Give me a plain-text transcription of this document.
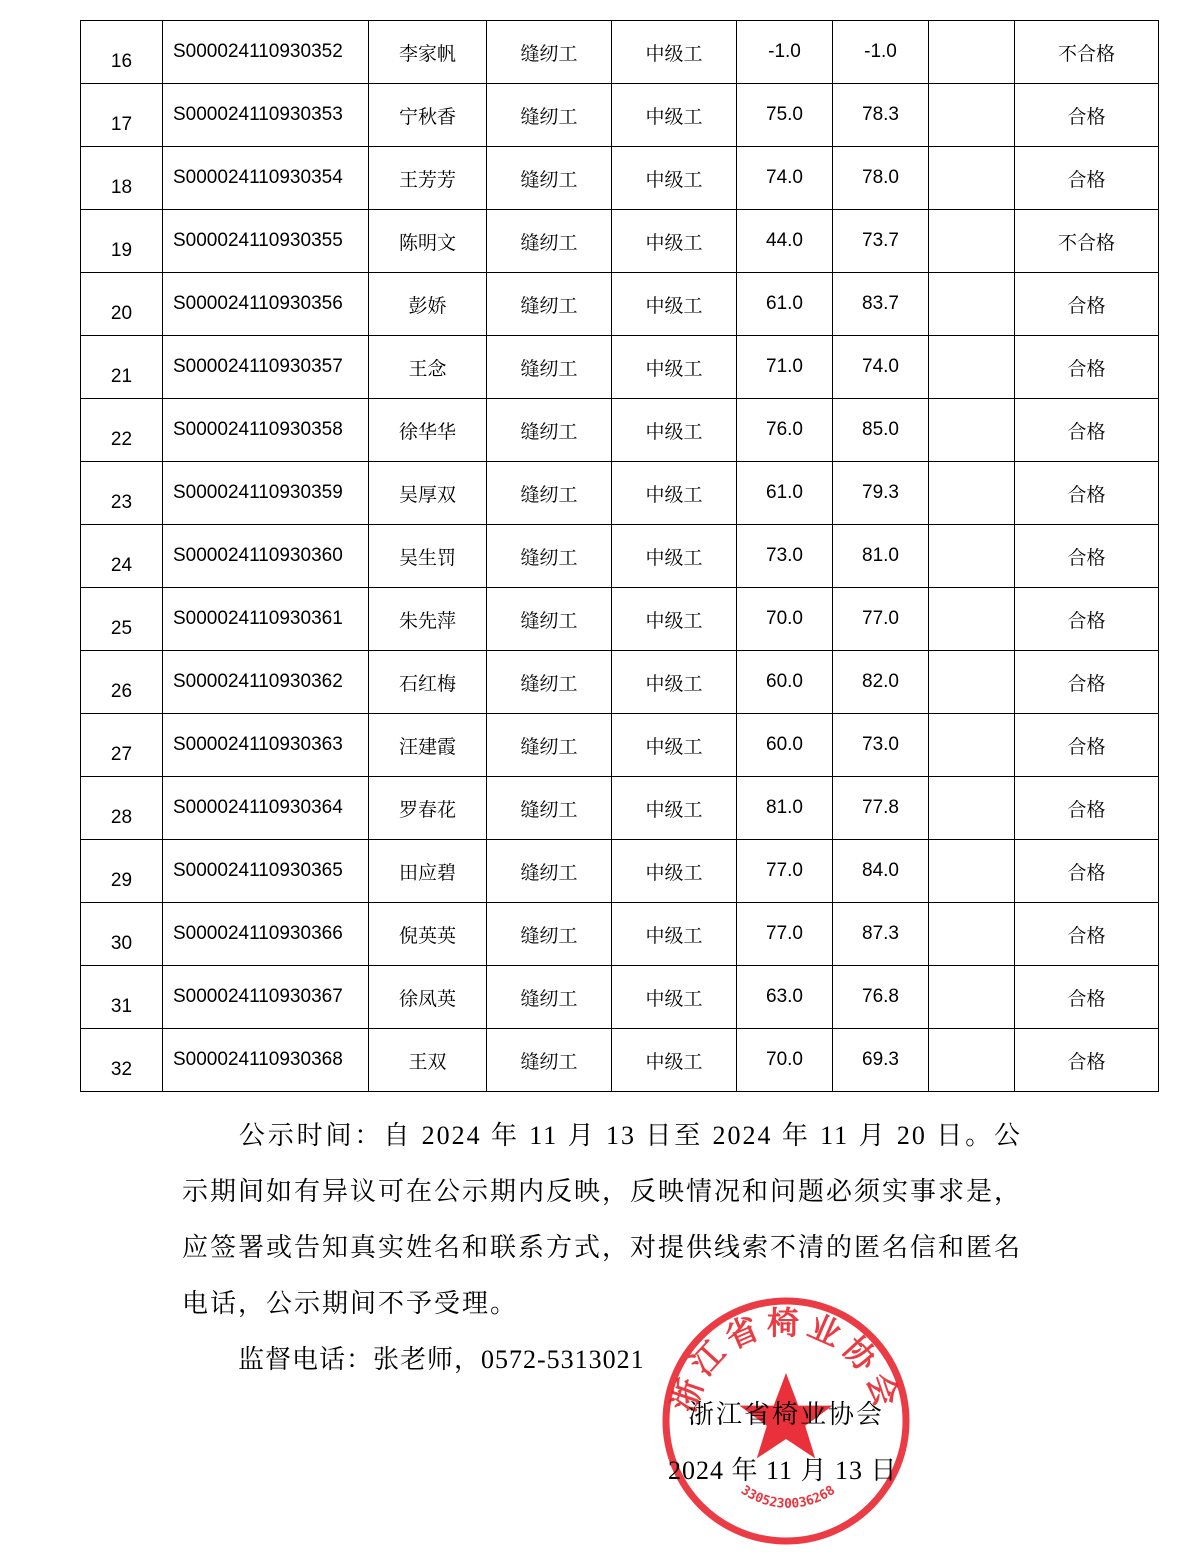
16	S000024110930352	李家帆	缝纫工	中级工	-1.0	-1.0		不合格
17	S000024110930353	宁秋香	缝纫工	中级工	75.0	78.3		合格
18	S000024110930354	王芳芳	缝纫工	中级工	74.0	78.0		合格
19	S000024110930355	陈明文	缝纫工	中级工	44.0	73.7		不合格
20	S000024110930356	彭娇	缝纫工	中级工	61.0	83.7		合格
21	S000024110930357	王念	缝纫工	中级工	71.0	74.0		合格
22	S000024110930358	徐华华	缝纫工	中级工	76.0	85.0		合格
23	S000024110930359	吴厚双	缝纫工	中级工	61.0	79.3		合格
24	S000024110930360	吴生罚	缝纫工	中级工	73.0	81.0		合格
25	S000024110930361	朱先萍	缝纫工	中级工	70.0	77.0		合格
26	S000024110930362	石红梅	缝纫工	中级工	60.0	82.0		合格
27	S000024110930363	汪建霞	缝纫工	中级工	60.0	73.0		合格
28	S000024110930364	罗春花	缝纫工	中级工	81.0	77.8		合格
29	S000024110930365	田应碧	缝纫工	中级工	77.0	84.0		合格
30	S000024110930366	倪英英	缝纫工	中级工	77.0	87.3		合格
31	S000024110930367	徐凤英	缝纫工	中级工	63.0	76.8		合格
32	S000024110930368	王双	缝纫工	中级工	70.0	69.3		合格

公示时间：自 2024 年 11 月 13 日至 2024 年 11 月 20 日。公示期间如有异议可在公示期内反映，反映情况和问题必须实事求是，应签署或告知真实姓名和联系方式，对提供线索不清的匿名信和匿名电话，公示期间不予受理。

监督电话：张老师，0572-5313021

浙江省椅业协会
3305230036268

浙江省椅业协会

2024 年 11 月 13 日
